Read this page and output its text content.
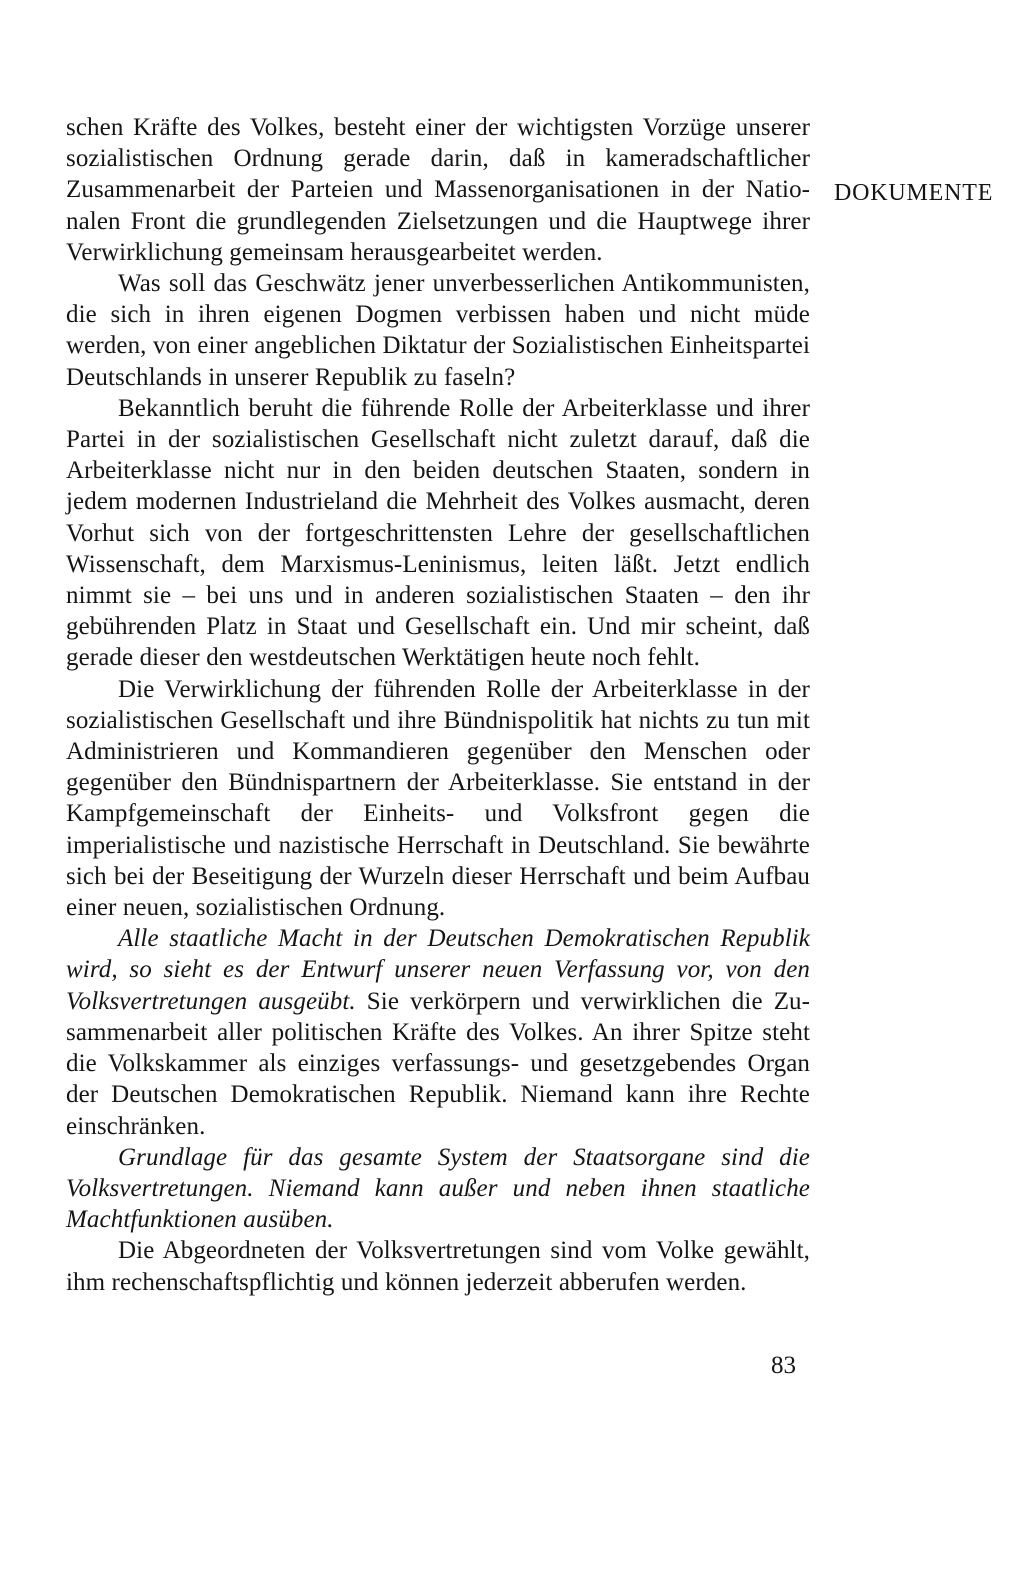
DOKUMENTE

schen Kräfte des Volkes, besteht einer der wichtigsten Vorzüge unserer sozialistischen Ordnung gerade darin, daß in kameradschaftlicher Zusammenarbeit der Parteien und Massenorganisationen in der Nationalen Front die grundlegenden Zielsetzungen und die Hauptwege ihrer Verwirklichung gemeinsam herausgearbeitet werden.

Was soll das Geschwätz jener unverbesserlichen Antikommunisten, die sich in ihren eigenen Dogmen verbissen haben und nicht müde werden, von einer angeblichen Diktatur der Sozialistischen Einheitspartei Deutschlands in unserer Republik zu faseln?

Bekanntlich beruht die führende Rolle der Arbeiterklasse und ihrer Partei in der sozialistischen Gesellschaft nicht zuletzt darauf, daß die Arbeiterklasse nicht nur in den beiden deutschen Staaten, sondern in jedem modernen Industrieland die Mehrheit des Volkes ausmacht, deren Vorhut sich von der fortgeschrittensten Lehre der gesellschaftlichen Wissenschaft, dem Marxismus-Leninismus, leiten läßt. Jetzt endlich nimmt sie – bei uns und in anderen sozialistischen Staaten – den ihr gebührenden Platz in Staat und Gesellschaft ein. Und mir scheint, daß gerade dieser den westdeutschen Werktätigen heute noch fehlt.

Die Verwirklichung der führenden Rolle der Arbeiterklasse in der sozialistischen Gesellschaft und ihre Bündnispolitik hat nichts zu tun mit Administrieren und Kommandieren gegenüber den Menschen oder gegenüber den Bündnispartnern der Arbeiterklasse. Sie entstand in der Kampfgemeinschaft der Einheits- und Volksfront gegen die imperialistische und nazistische Herrschaft in Deutschland. Sie bewährte sich bei der Beseitigung der Wurzeln dieser Herrschaft und beim Aufbau einer neuen, sozialistischen Ordnung.

Alle staatliche Macht in der Deutschen Demokratischen Republik wird, so sieht es der Entwurf unserer neuen Verfassung vor, von den Volksvertretungen ausgeübt. Sie verkörpern und verwirklichen die Zusammenarbeit aller politischen Kräfte des Volkes. An ihrer Spitze steht die Volkskammer als einziges verfassungs- und gesetzgebendes Organ der Deutschen Demokratischen Republik. Niemand kann ihre Rechte einschränken.

Grundlage für das gesamte System der Staatsorgane sind die Volksvertretungen. Niemand kann außer und neben ihnen staatliche Machtfunktionen ausüben.

Die Abgeordneten der Volksvertretungen sind vom Volke gewählt, ihm rechenschaftspflichtig und können jederzeit abberufen werden.

83
